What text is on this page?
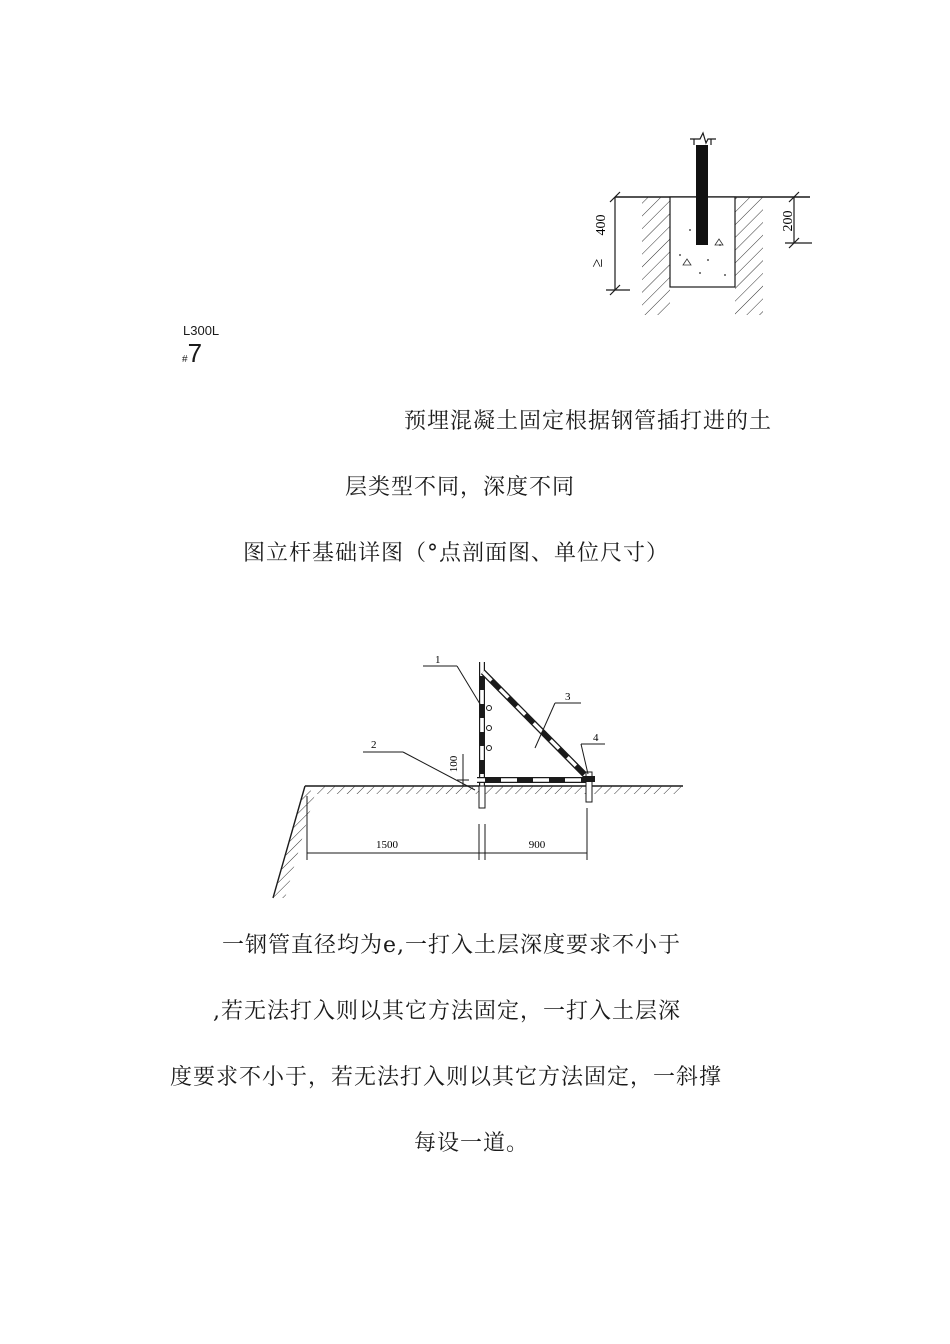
400
≥
200
L300L
#7
预埋混凝土固定根据钢管插打进的土
层类型不同，深度不同
图立杆基础详图（°点剖面图、单位尺寸）
1
2
3
4
100
1500	900
一钢管直径均为e,一打入土层深度要求不小于
,若无法打入则以其它方法固定，一打入土层深
度要求不小于，若无法打入则以其它方法固定，一斜撑
每设一道。
